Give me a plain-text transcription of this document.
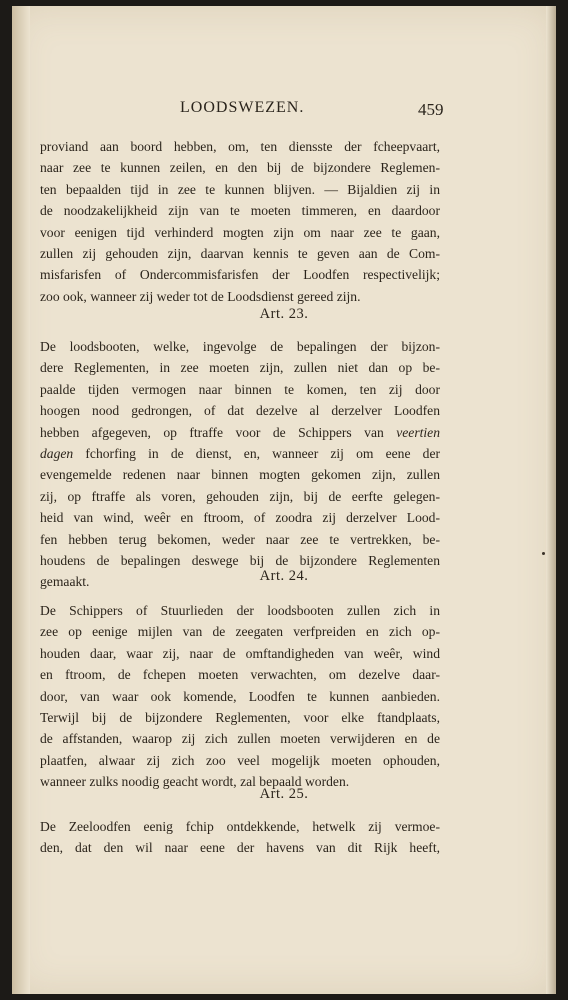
LOODSWEZEN.	459
proviand aan boord hebben, om, ten diensste der fcheepvaart,
naar zee te kunnen zeilen, en den bij de bijzondere Reglemen-
ten bepaalden tijd in zee te kunnen blijven. — Bijaldien zij in
de noodzakelijkheid zijn van te moeten timmeren, en daardoor
voor eenigen tijd verhinderd mogten zijn om naar zee te gaan,
zullen zij gehouden zijn, daarvan kennis te geven aan de Com-
misfarisfen of Ondercommisfarisfen der Loodfen respectivelijk;
zoo ook, wanneer zij weder tot de Loodsdienst gereed zijn.
Art. 23.
De loodsbooten, welke, ingevolge de bepalingen der bijzon-
dere Reglementen, in zee moeten zijn, zullen niet dan op be-
paalde tijden vermogen naar binnen te komen, ten zij door
hoogen nood gedrongen, of dat dezelve al derzelver Loodfen
hebben afgegeven, op ftraffe voor de Schippers van veertien
dagen fchorfing in de dienst, en, wanneer zij om eene der
evengemelde redenen naar binnen mogten gekomen zijn, zullen
zij, op ftraffe als voren, gehouden zijn, bij de eerfte gelegen-
heid van wind, weêr en ftroom, of zoodra zij derzelver Lood-
fen hebben terug bekomen, weder naar zee te vertrekken, be-
houdens de bepalingen deswege bij de bijzondere Reglementen
gemaakt.	Art. 24.
De Schippers of Stuurlieden der loodsbooten zullen zich in
zee op eenige mijlen van de zeegaten verfpreiden en zich op-
houden daar, waar zij, naar de omftandigheden van weêr, wind
en ftroom, de fchepen moeten verwachten, om dezelve daar-
door, van waar ook komende, Loodfen te kunnen aanbieden.
Terwijl bij de bijzondere Reglementen, voor elke ftandplaats,
de affstanden, waarop zij zich zullen moeten verwijderen en de
plaatfen, alwaar zij zich zoo veel mogelijk moeten ophouden,
wanneer zulks noodig geacht wordt, zal bepaald worden.
Art. 25.
De Zeeloodfen eenig fchip ontdekkende, hetwelk zij vermoe-
den, dat den wil naar eene der havens van dit Rijk heeft,
